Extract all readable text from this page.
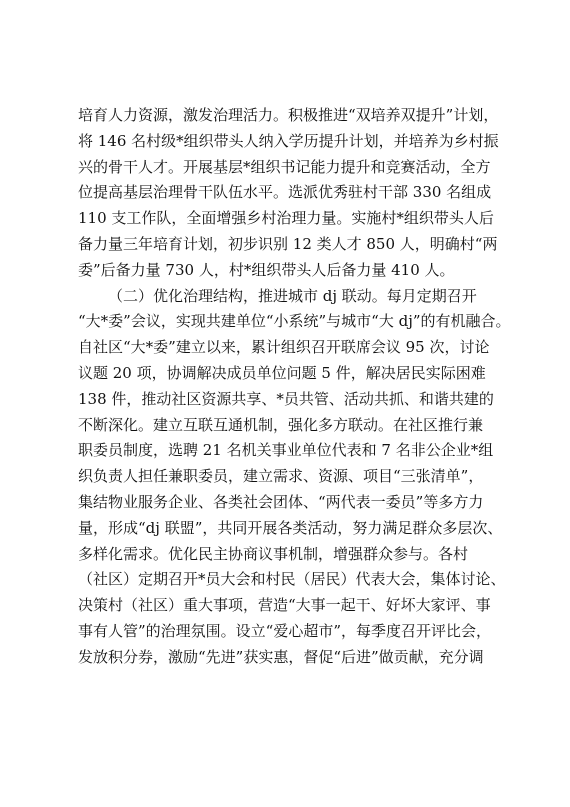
培育人力资源，激发治理活力。积极推进“双培养双提升”计划，
将 146 名村级*组织带头人纳入学历提升计划，并培养为乡村振
兴的骨干人才。开展基层*组织书记能力提升和竞赛活动，全方
位提高基层治理骨干队伍水平。选派优秀驻村干部 330 名组成
110 支工作队，全面增强乡村治理力量。实施村*组织带头人后
备力量三年培育计划，初步识别 12 类人才 850 人，明确村“两
委”后备力量 730 人，村*组织带头人后备力量 410 人。
（二）优化治理结构，推进城市 dj 联动。每月定期召开
“大*委”会议，实现共建单位“小系统”与城市“大 dj”的有机融合。
自社区“大*委”建立以来，累计组织召开联席会议 95 次，讨论
议题 20 项，协调解决成员单位问题 5 件，解决居民实际困难
138 件，推动社区资源共享、*员共管、活动共抓、和谐共建的
不断深化。建立互联互通机制，强化多方联动。在社区推行兼
职委员制度，选聘 21 名机关事业单位代表和 7 名非公企业*组
织负责人担任兼职委员，建立需求、资源、项目“三张清单”，
集结物业服务企业、各类社会团体、“两代表一委员”等多方力
量，形成“dj 联盟”，共同开展各类活动，努力满足群众多层次、
多样化需求。优化民主协商议事机制，增强群众参与。各村
（社区）定期召开*员大会和村民（居民）代表大会，集体讨论、
决策村（社区）重大事项，营造“大事一起干、好坏大家评、事
事有人管”的治理氛围。设立“爱心超市”，每季度召开评比会，
发放积分券，激励“先进”获实惠，督促“后进”做贡献，充分调
